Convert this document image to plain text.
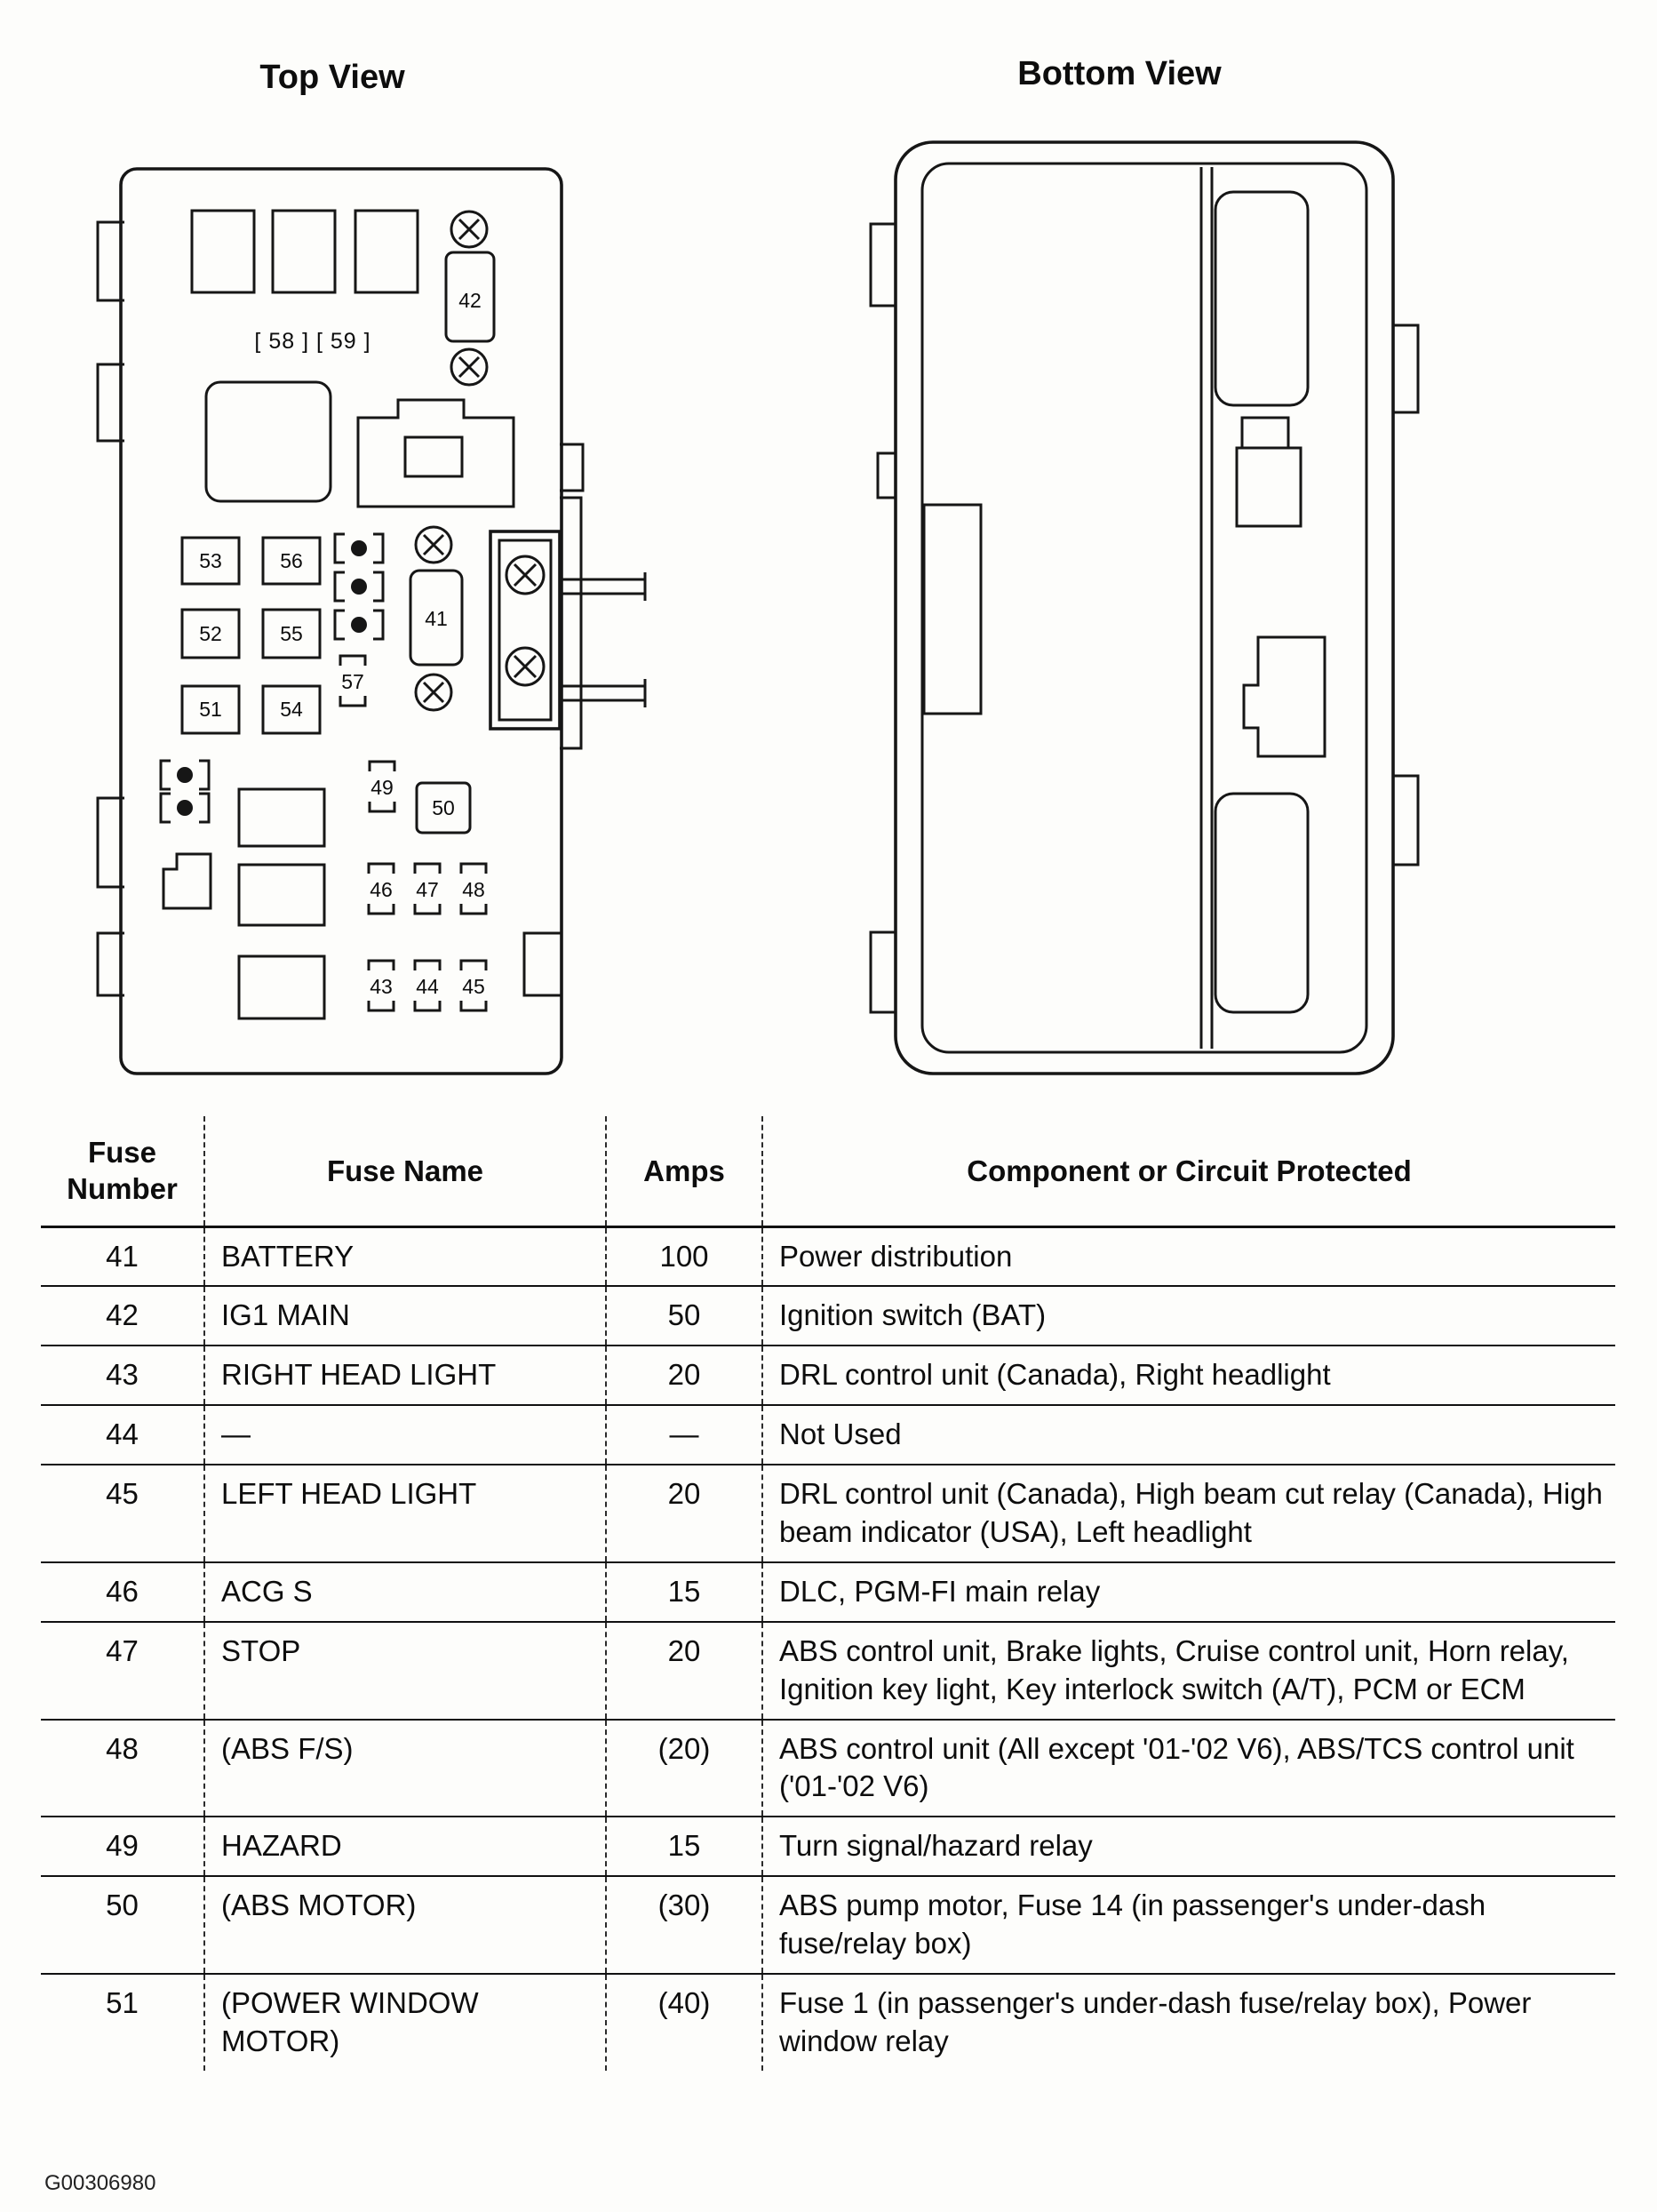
Top View	Bottom View
42
[ 58 ] [ 59 ]
53	56
52	55
51	54
57
41
49
50
46 47 48
43 44 45
Fuse Number	Fuse Name	Amps	Component or Circuit Protected
41	BATTERY	100	Power distribution
42	IG1 MAIN	50	Ignition switch (BAT)
43	RIGHT HEAD LIGHT	20	DRL control unit (Canada), Right headlight
44	—	—	Not Used
45	LEFT HEAD LIGHT	20	DRL control unit (Canada), High beam cut relay (Canada), High beam indicator (USA), Left headlight
46	ACG S	15	DLC, PGM-FI main relay
47	STOP	20	ABS control unit, Brake lights, Cruise control unit, Horn relay, Ignition key light, Key interlock switch (A/T), PCM or ECM
48	(ABS F/S)	(20)	ABS control unit (All except '01-'02 V6), ABS/TCS control unit ('01-'02 V6)
49	HAZARD	15	Turn signal/hazard relay
50	(ABS MOTOR)	(30)	ABS pump motor, Fuse 14 (in passenger's under-dash fuse/relay box)
51	(POWER WINDOW MOTOR)	(40)	Fuse 1 (in passenger's under-dash fuse/relay box), Power window relay
G00306980
